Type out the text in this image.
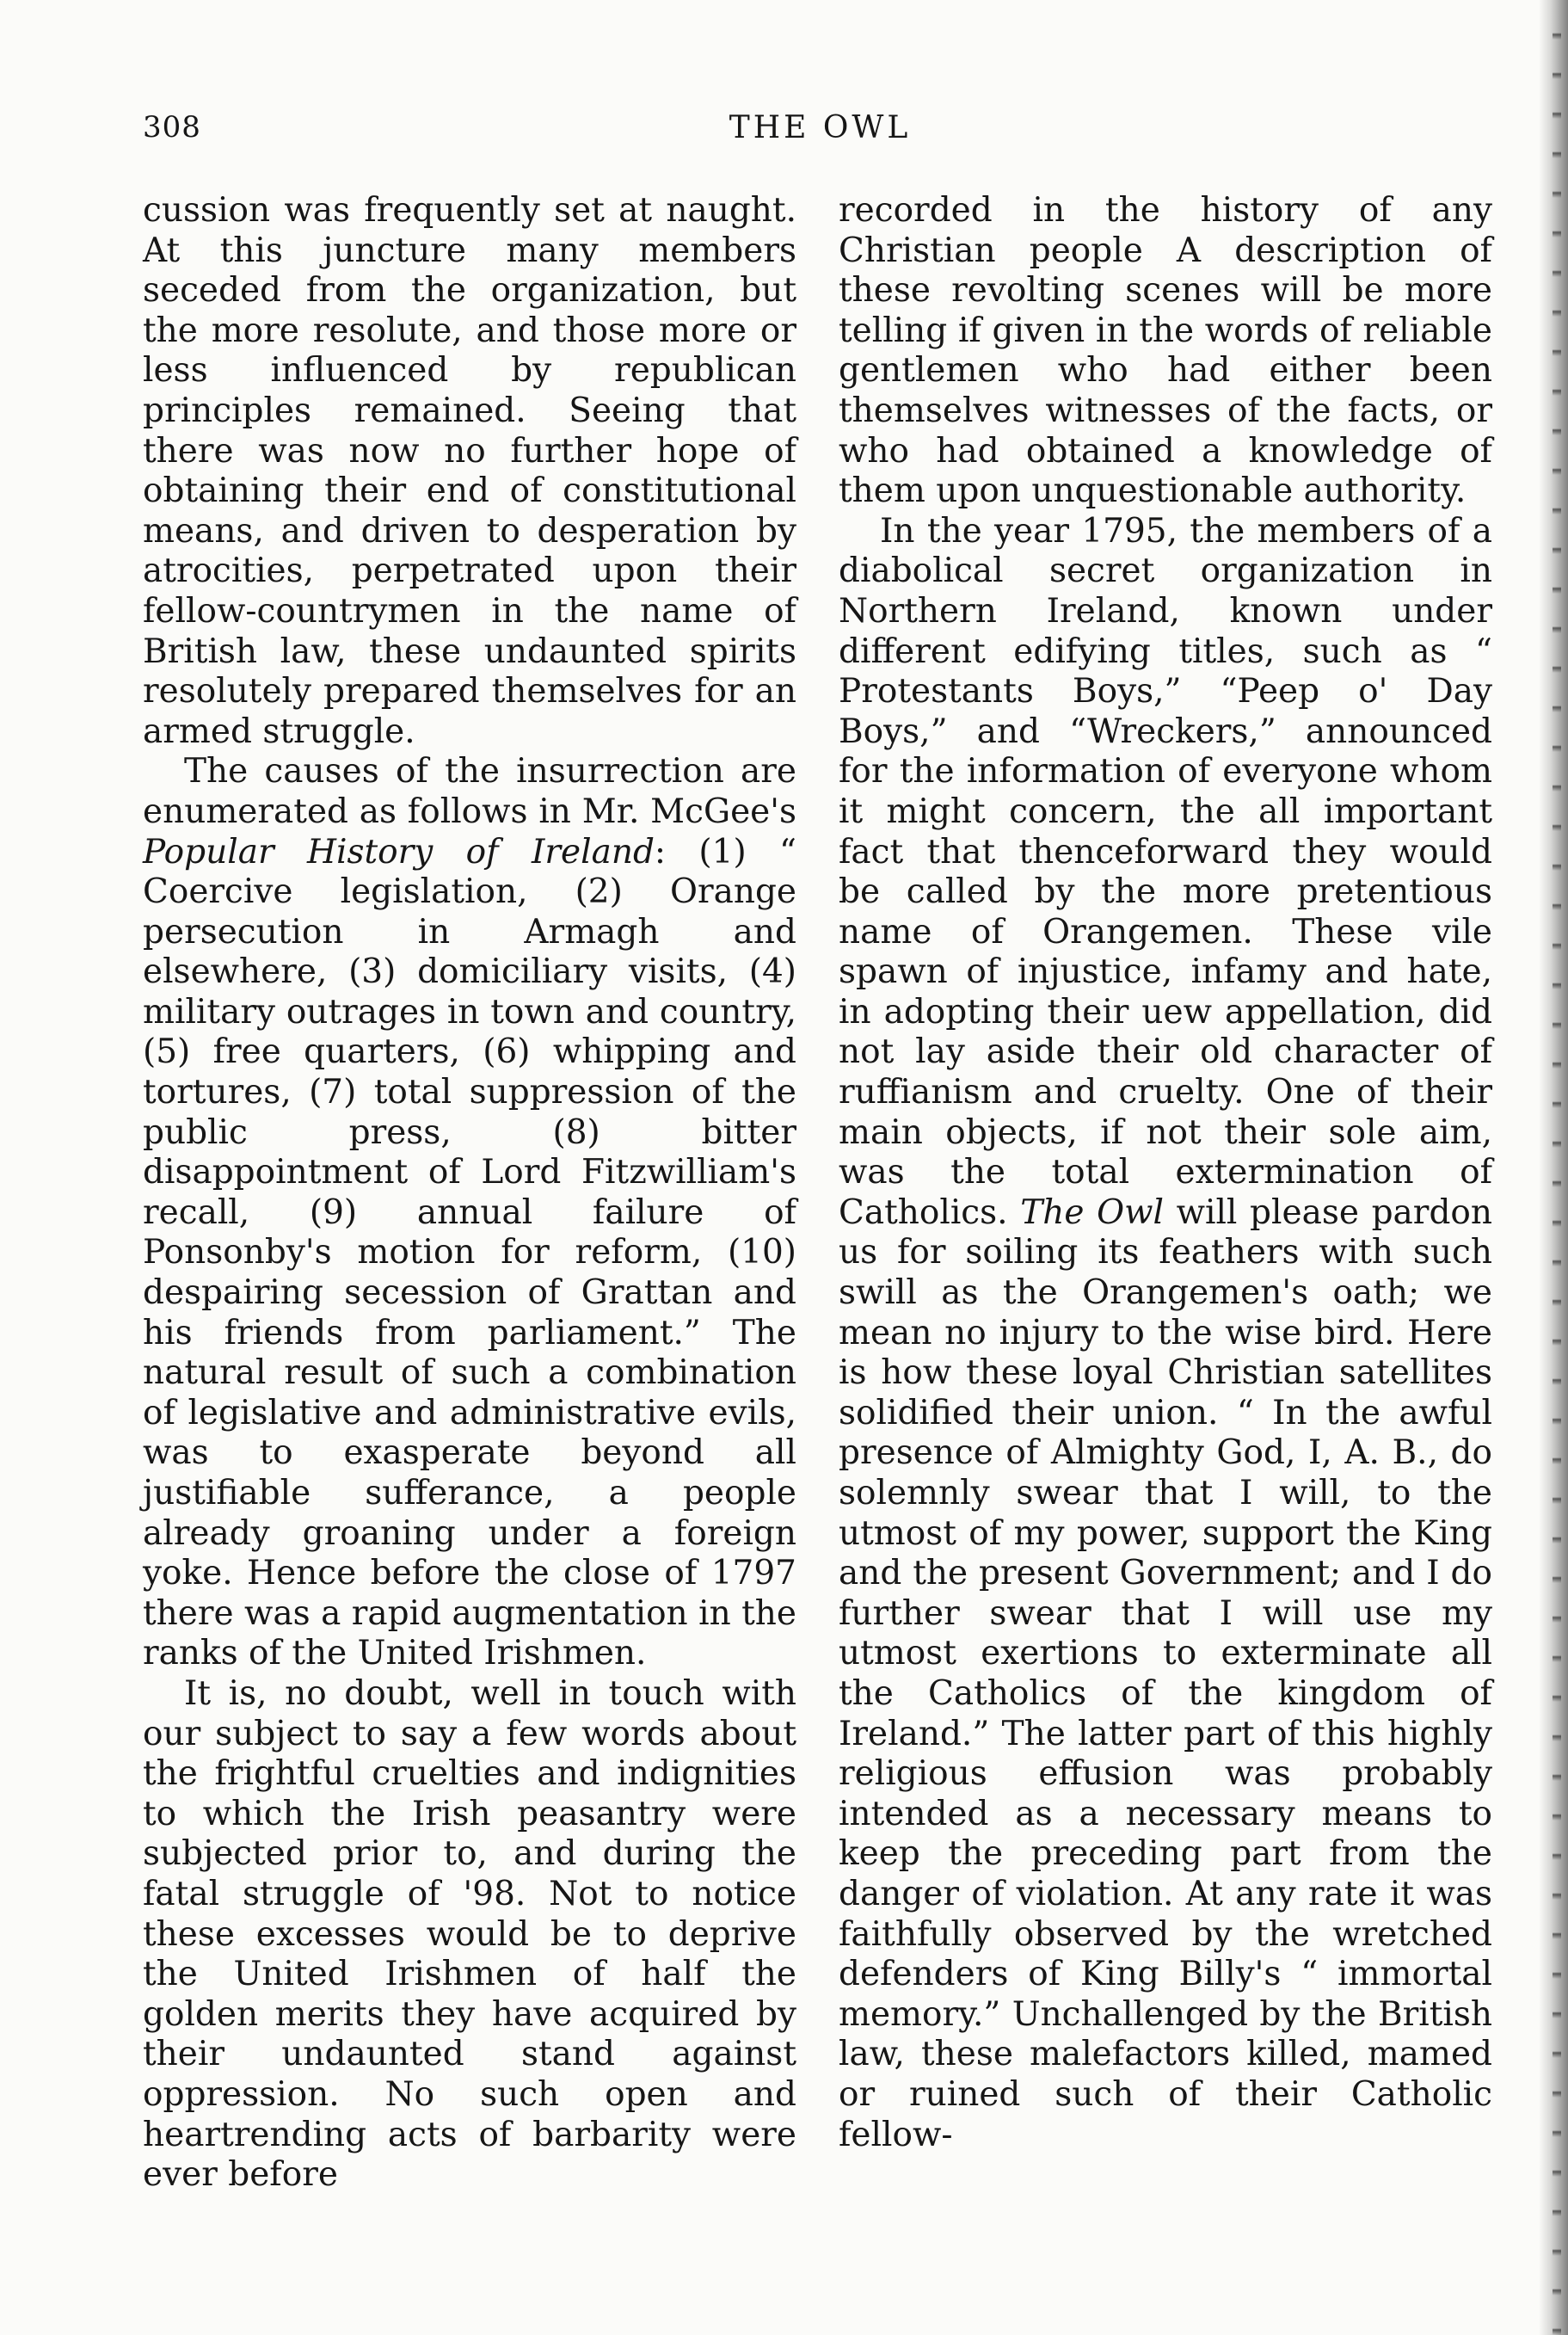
308	THE OWL

cussion was frequently set at naught. At this juncture many members seceded from the organization, but the more resolute, and those more or less influenced by republican principles remained. Seeing that there was now no further hope of obtaining their end of constitutional means, and driven to desperation by atrocities, perpetrated upon their fellow-countrymen in the name of British law, these undaunted spirits resolutely prepared themselves for an armed struggle.

The causes of the insurrection are enumerated as follows in Mr. McGee's Popular History of Ireland: (1) “ Coercive legislation, (2) Orange persecution in Armagh and elsewhere, (3) domiciliary visits, (4) military outrages in town and country, (5) free quarters, (6) whipping and tortures, (7) total suppression of the public press, (8) bitter disappointment of Lord Fitzwilliam's recall, (9) annual failure of Ponsonby's motion for reform, (10) despairing secession of Grattan and his friends from parliament.” The natural result of such a combination of legislative and administrative evils, was to exasperate beyond all justifiable sufferance, a people already groaning under a foreign yoke. Hence before the close of 1797 there was a rapid augmentation in the ranks of the United Irishmen.

It is, no doubt, well in touch with our subject to say a few words about the frightful cruelties and indignities to which the Irish peasantry were subjected prior to, and during the fatal struggle of '98. Not to notice these excesses would be to deprive the United Irishmen of half the golden merits they have acquired by their undaunted stand against oppression. No such open and heartrending acts of barbarity were ever before

recorded in the history of any Christian people A description of these revolting scenes will be more telling if given in the words of reliable gentlemen who had either been themselves witnesses of the facts, or who had obtained a knowledge of them upon unquestionable authority.

In the year 1795, the members of a diabolical secret organization in Northern Ireland, known under different edifying titles, such as “ Protestants Boys,” “Peep o' Day Boys,” and “Wreckers,” announced for the information of everyone whom it might concern, the all important fact that thenceforward they would be called by the more pretentious name of Orangemen. These vile spawn of injustice, infamy and hate, in adopting their uew appellation, did not lay aside their old character of ruffianism and cruelty. One of their main objects, if not their sole aim, was the total extermination of Catholics. The Owl will please pardon us for soiling its feathers with such swill as the Orangemen's oath; we mean no injury to the wise bird. Here is how these loyal Christian satellites solidified their union. “ In the awful presence of Almighty God, I, A. B., do solemnly swear that I will, to the utmost of my power, support the King and the present Government; and I do further swear that I will use my utmost exertions to exterminate all the Catholics of the kingdom of Ireland.” The latter part of this highly religious effusion was probably intended as a necessary means to keep the preceding part from the danger of violation. At any rate it was faithfully observed by the wretched defenders of King Billy's “ immortal memory.” Unchallenged by the British law, these malefactors killed, mamed or ruined such of their Catholic fellow-
